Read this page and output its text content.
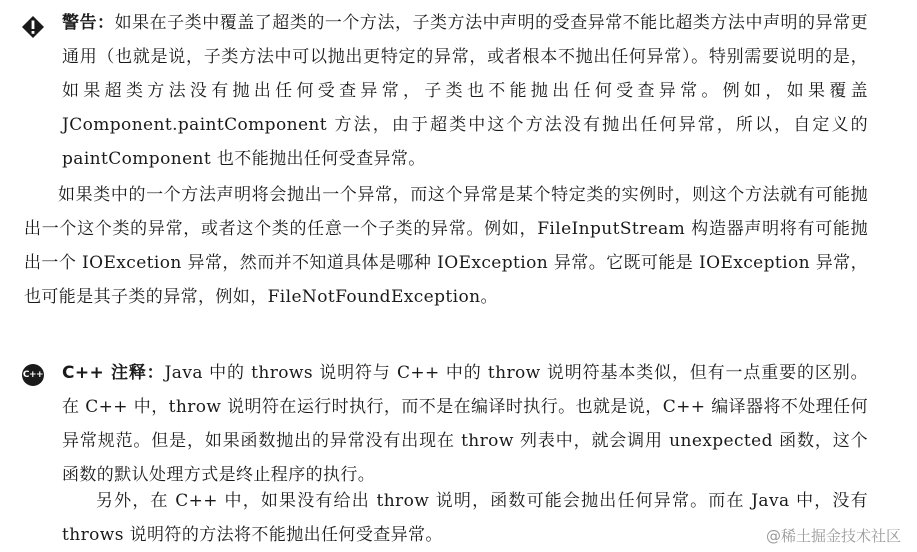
警告：如果在子类中覆盖了超类的一个方法，子类方法中声明的受查异常不能比超类方法中声明的异常更通用（也就是说，子类方法中可以抛出更特定的异常，或者根本不抛出任何异常）。特别需要说明的是，如果超类方法没有抛出任何受查异常，子类也不能抛出任何受查异常。例如，如果覆盖 JComponent.paintComponent 方法，由于超类中这个方法没有抛出任何异常，所以，自定义的 paintComponent 也不能抛出任何受查异常。

如果类中的一个方法声明将会抛出一个异常，而这个异常是某个特定类的实例时，则这个方法就有可能抛出一个这个类的异常，或者这个类的任意一个子类的异常。例如，FileInputStream 构造器声明将有可能抛出一个 IOExcetion 异常，然而并不知道具体是哪种 IOException 异常。它既可能是 IOException 异常，也可能是其子类的异常，例如，FileNotFoundException。

C++ C++ 注释：Java 中的 throws 说明符与 C++ 中的 throw 说明符基本类似，但有一点重要的区别。在 C++ 中，throw 说明符在运行时执行，而不是在编译时执行。也就是说，C++ 编译器将不处理任何异常规范。但是，如果函数抛出的异常没有出现在 throw 列表中，就会调用 unexpected 函数，这个函数的默认处理方式是终止程序的执行。

另外，在 C++ 中，如果没有给出 throw 说明，函数可能会抛出任何异常。而在 Java 中，没有 throws 说明符的方法将不能抛出任何受查异常。	@稀土掘金技术社区
